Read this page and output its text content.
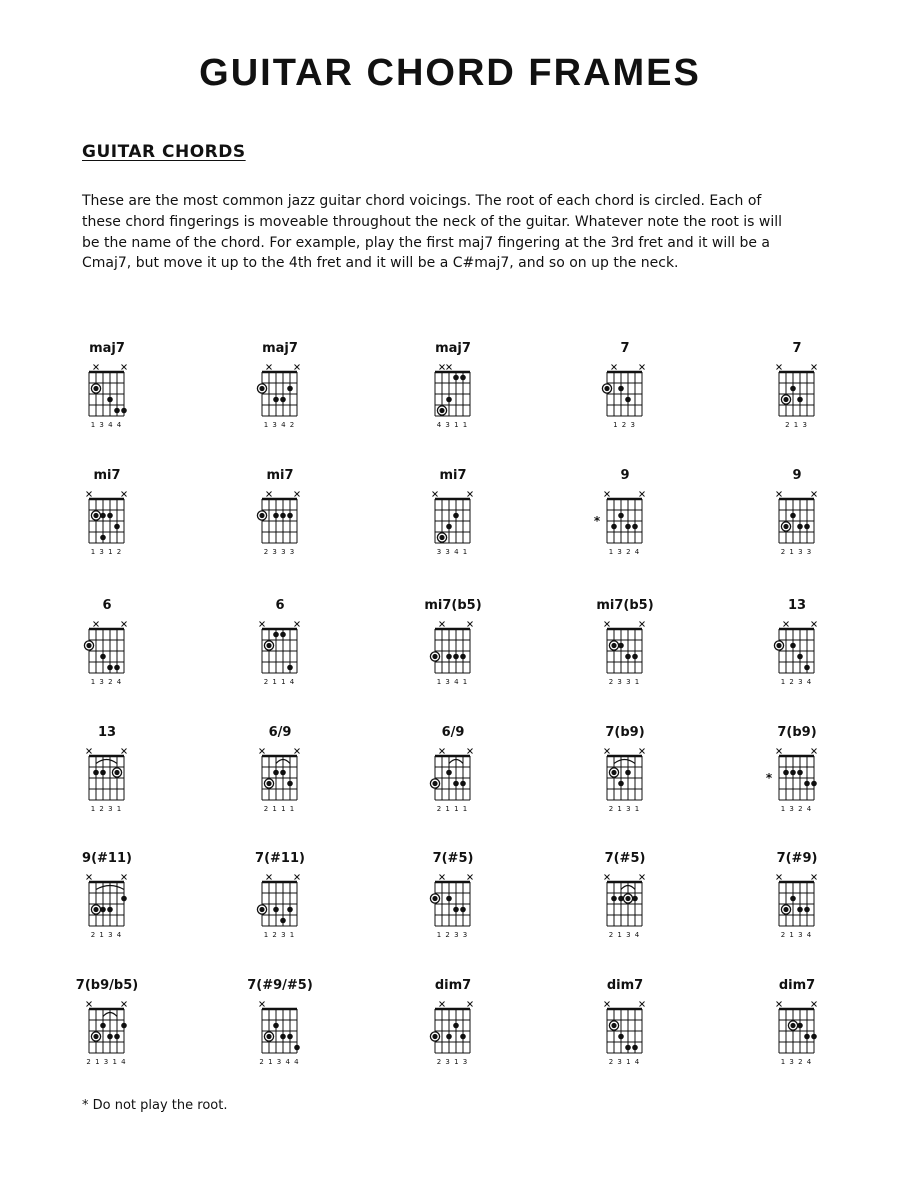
GUITAR CHORD FRAMES
GUITAR CHORDS

These are the most common jazz guitar chord voicings. The root of each chord is circled. Each of these chord fingerings is moveable throughout the neck of the guitar. Whatever note the root is will be the name of the chord. For example, play the first maj7 fingering at the 3rd fret and it will be a Cmaj7, but move it up to the 4th fret and it will be a C#maj7, and so on up the neck.

maj7
1 3 4 4
maj7
1 3 4 2
maj7
4 3 1 1
7
1 2 3
7
2 1 3
mi7
1 3 1 2
mi7
2 3 3 3
mi7
3 3 4 1
9
*
1 3 2 4
9
2 1 3 3
6
1 3 2 4
6
2 1 1 4
mi7(b5)
1 3 4 1
mi7(b5)
2 3 3 1
13
1 2 3 4
13
1 2 3 1
6/9
2 1 1 1
6/9
2 1 1 1
7(b9)
2 1 3 1
7(b9)
*
1 3 2 4
9(#11)
2 1 3 4
7(#11)
1 2 3 1
7(#5)
1 2 3 3
7(#5)
2 1 3 4
7(#9)
2 1 3 4
7(b9/b5)
2 1 3 1 4
7(#9/#5)
2 1 3 4 4
dim7
2 3 1 3
dim7
2 3 1 4
dim7
1 3 2 4

* Do not play the root.
